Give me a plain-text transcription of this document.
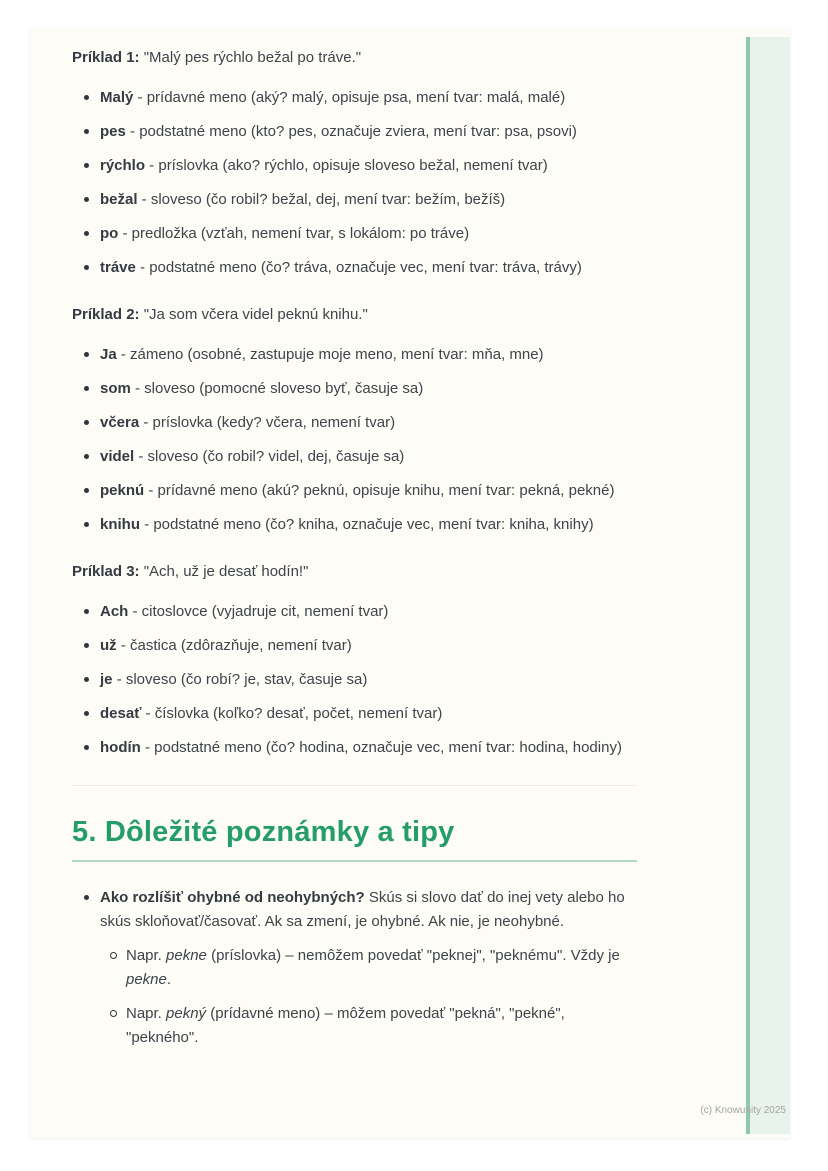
Príklad 1: "Malý pes rýchlo bežal po tráve."

Malý - prídavné meno (aký? malý, opisuje psa, mení tvar: malá, malé)
pes - podstatné meno (kto? pes, označuje zviera, mení tvar: psa, psovi)
rýchlo - príslovka (ako? rýchlo, opisuje sloveso bežal, nemení tvar)
bežal - sloveso (čo robil? bežal, dej, mení tvar: bežím, bežíš)
po - predložka (vzťah, nemení tvar, s lokálom: po tráve)
tráve - podstatné meno (čo? tráva, označuje vec, mení tvar: tráva, trávy)

Príklad 2: "Ja som včera videl peknú knihu."

Ja - zámeno (osobné, zastupuje moje meno, mení tvar: mňa, mne)
som - sloveso (pomocné sloveso byť, časuje sa)
včera - príslovka (kedy? včera, nemení tvar)
videl - sloveso (čo robil? videl, dej, časuje sa)
peknú - prídavné meno (akú? peknú, opisuje knihu, mení tvar: pekná, pekné)
knihu - podstatné meno (čo? kniha, označuje vec, mení tvar: kniha, knihy)

Príklad 3: "Ach, už je desať hodín!"

Ach - citoslovce (vyjadruje cit, nemení tvar)
už - častica (zdôrazňuje, nemení tvar)
je - sloveso (čo robí? je, stav, časuje sa)
desať - číslovka (koľko? desať, počet, nemení tvar)
hodín - podstatné meno (čo? hodina, označuje vec, mení tvar: hodina, hodiny)
5. Dôležité poznámky a tipy
Ako rozlíšiť ohybné od neohybných? Skús si slovo dať do inej vety alebo ho skús skloňovať/časovať. Ak sa zmení, je ohybné. Ak nie, je neohybné.
Napr. pekne (príslovka) – nemôžem povedať "peknej", "peknému". Vždy je pekne.
Napr. pekný (prídavné meno) – môžem povedať "pekná", "pekné", "pekného".
(c) Knowunity 2025
